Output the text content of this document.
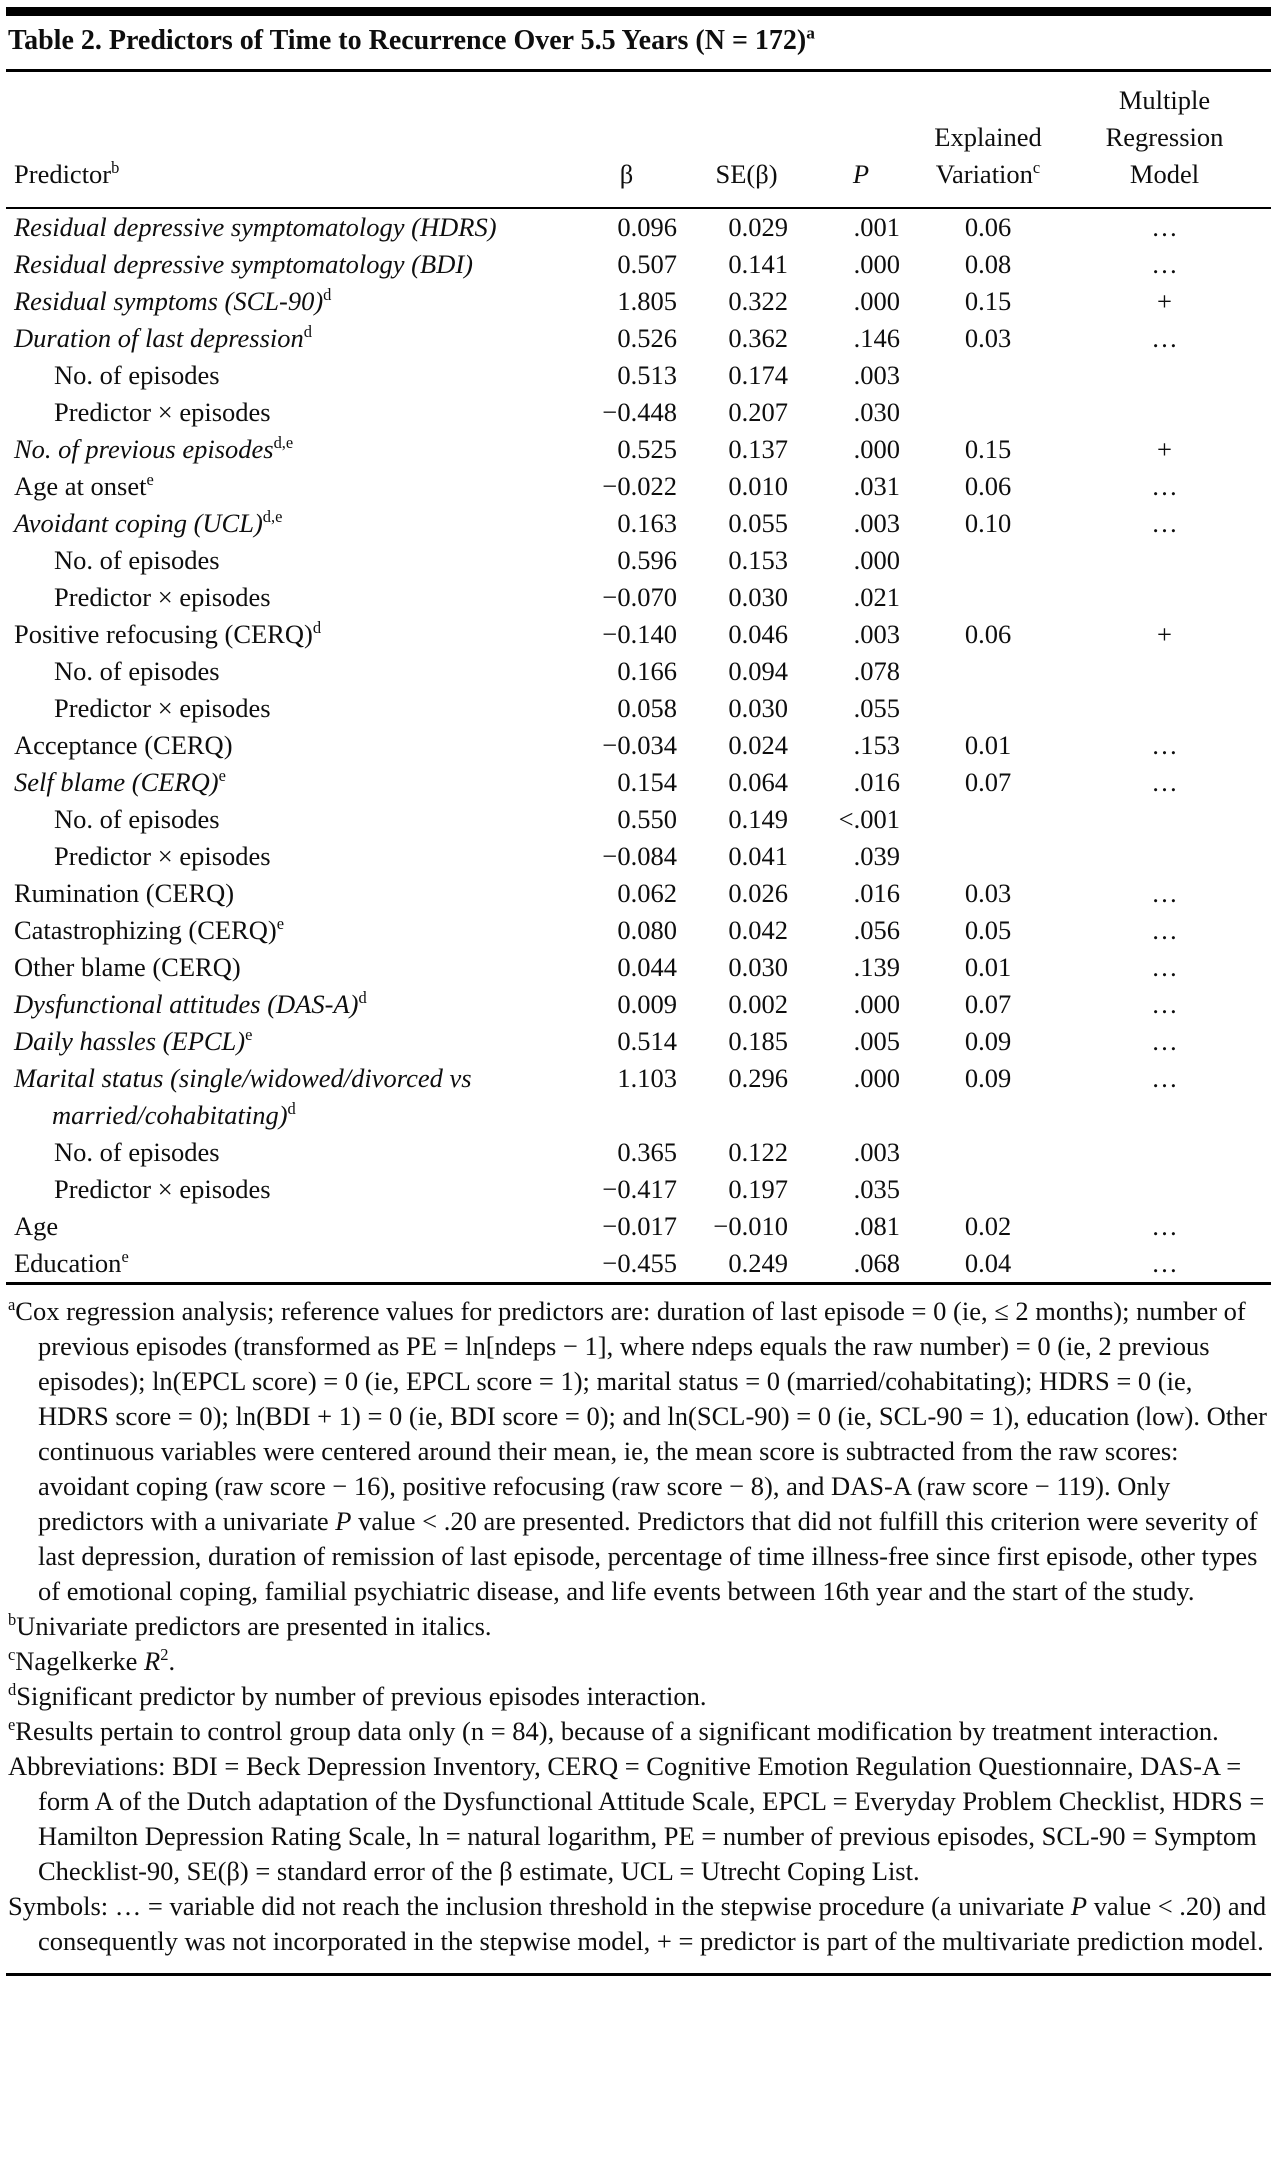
Table 2. Predictors of Time to Recurrence Over 5.5 Years (N = 172)$^a$
Predictor$^b$	β	SE(β)	P	Explained Variation$^c$	Multiple Regression Model
Residual depressive symptomatology (HDRS)	0.096	0.029	.001	0.06	…
Residual depressive symptomatology (BDI)	0.507	0.141	.000	0.08	…
Residual symptoms $(SCL-90)^d$	1.805	0.322	.000	0.15	+
Duration of last depression$^d$	0.526	0.362	.146	0.03	…
No. of episodes	0.513	0.174	.003		
Predictor × episodes	−0.448	0.207	.030		
No. of previous episodes$^{d,e}$	0.525	0.137	.000	0.15	+
Age at onset$^e$	−0.022	0.010	.031	0.06	…
Avoidant coping (UCL)$^{d,e}$	0.163	0.055	.003	0.10	…
No. of episodes	0.596	0.153	.000		
Predictor × episodes	−0.070	0.030	.021		
Positive refocusing (CERQ)$^d$	−0.140	0.046	.003	0.06	+
No. of episodes	0.166	0.094	.078		
Predictor × episodes	0.058	0.030	.055		
Acceptance (CERQ)	−0.034	0.024	.153	0.01	…
Self blame (CERQ)$^e$	0.154	0.064	.016	0.07	…
No. of episodes	0.550	0.149	<.001		
Predictor × episodes	−0.084	0.041	.039		
Rumination (CERQ)	0.062	0.026	.016	0.03	…
Catastrophizing (CERQ)$^e$	0.080	0.042	.056	0.05	…
Other blame (CERQ)	0.044	0.030	.139	0.01	…
Dysfunctional attitudes $(DAS-A)^d$	0.009	0.002	.000	0.07	…
Daily hassles (EPCL)$^e$	0.514	0.185	.005	0.09	…
Marital status (single/widowed/divorced vs married/cohabitating)$^d$	1.103	0.296	.000	0.09	…
No. of episodes	0.365	0.122	.003		
Predictor × episodes	−0.417	0.197	.035		
Age	−0.017	−0.010	.081	0.02	…
Education$^e$	−0.455	0.249	.068	0.04	…

$^a$Cox regression analysis; reference values for predictors are: duration of last episode = 0 (ie, ≤ 2 months); number of previous episodes (transformed as PE = ln[ndeps − 1], where ndeps equals the raw number) = 0 (ie, 2 previous episodes); ln(EPCL score) = 0 (ie, EPCL score = 1); marital status = 0 (married/cohabitating); HDRS = 0 (ie, HDRS score = 0); ln(BDI + 1) = 0 (ie, BDI score = 0); and ln(SCL-90) = 0 (ie, SCL-90 = 1), education (low). Other continuous variables were centered around their mean, ie, the mean score is subtracted from the raw scores: avoidant coping (raw score − 16), positive refocusing (raw score − 8), and DAS-A (raw score − 119). Only predictors with a univariate P value < .20 are presented. Predictors that did not fulfill this criterion were severity of last depression, duration of remission of last episode, percentage of time illness-free since first episode, other types of emotional coping, familial psychiatric disease, and life events between 16th year and the start of the study.

$^b$Univariate predictors are presented in italics.

$^c$Nagelkerke $R^2$.

$^d$Significant predictor by number of previous episodes interaction.

$^e$Results pertain to control group data only (n = 84), because of a significant modification by treatment interaction.

Abbreviations: BDI = Beck Depression Inventory, CERQ = Cognitive Emotion Regulation Questionnaire, DAS-A = form A of the Dutch adaptation of the Dysfunctional Attitude Scale, EPCL = Everyday Problem Checklist, HDRS = Hamilton Depression Rating Scale, ln = natural logarithm, PE = number of previous episodes, SCL-90 = Symptom Checklist-90, SE(β) = standard error of the β estimate, UCL = Utrecht Coping List.

Symbols: … = variable did not reach the inclusion threshold in the stepwise procedure (a univariate P value < .20) and consequently was not incorporated in the stepwise model, + = predictor is part of the multivariate prediction model.
